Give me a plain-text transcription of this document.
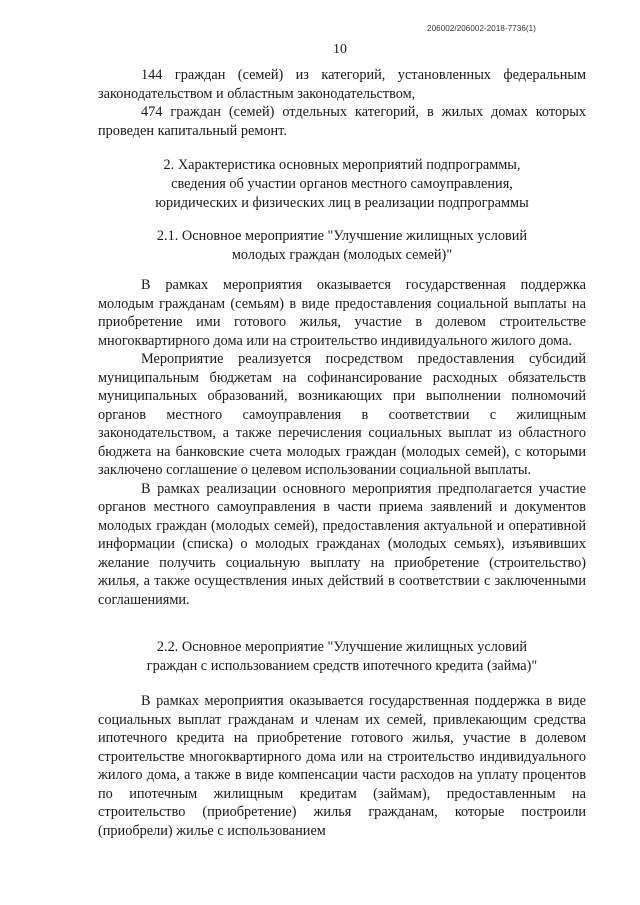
206002/206002-2018-7736(1)
10

144 граждан (семей) из категорий, установленных федеральным законодательством и областным законодательством,

474 граждан (семей) отдельных категорий, в жилых домах которых проведен капитальный ремонт.

2. Характеристика основных мероприятий подпрограммы,
сведения об участии органов местного самоуправления,
юридических и физических лиц в реализации подпрограммы
2.1. Основное мероприятие "Улучшение жилищных условий
молодых граждан (молодых семей)"

В рамках мероприятия оказывается государственная поддержка молодым гражданам (семьям) в виде предоставления социальной выплаты на приобретение ими готового жилья, участие в долевом строительстве многоквартирного дома или на строительство индивидуального жилого дома.

Мероприятие реализуется посредством предоставления субсидий муниципальным бюджетам на софинансирование расходных обязательств муниципальных образований, возникающих при выполнении полномочий органов местного самоуправления в соответствии с жилищным законодательством, а также перечисления социальных выплат из областного бюджета на банковские счета молодых граждан (молодых семей), с которыми заключено соглашение о целевом использовании социальной выплаты.

В рамках реализации основного мероприятия предполагается участие органов местного самоуправления в части приема заявлений и документов молодых граждан (молодых семей), предоставления актуальной и оперативной информации (списка) о молодых гражданах (молодых семьях), изъявивших желание получить социальную выплату на приобретение (строительство) жилья, а также осуществления иных действий в соответствии с заключенными соглашениями.

2.2. Основное мероприятие "Улучшение жилищных условий
граждан с использованием средств ипотечного кредита (займа)"

В рамках мероприятия оказывается государственная поддержка в виде социальных выплат гражданам и членам их семей, привлекающим средства ипотечного кредита на приобретение готового жилья, участие в долевом строительстве многоквартирного дома или на строительство индивидуального жилого дома, а также в виде компенсации части расходов на уплату процентов по ипотечным жилищным кредитам (займам), предоставленным на строительство (приобретение) жилья гражданам, которые построили (приобрели) жилье с использованием
